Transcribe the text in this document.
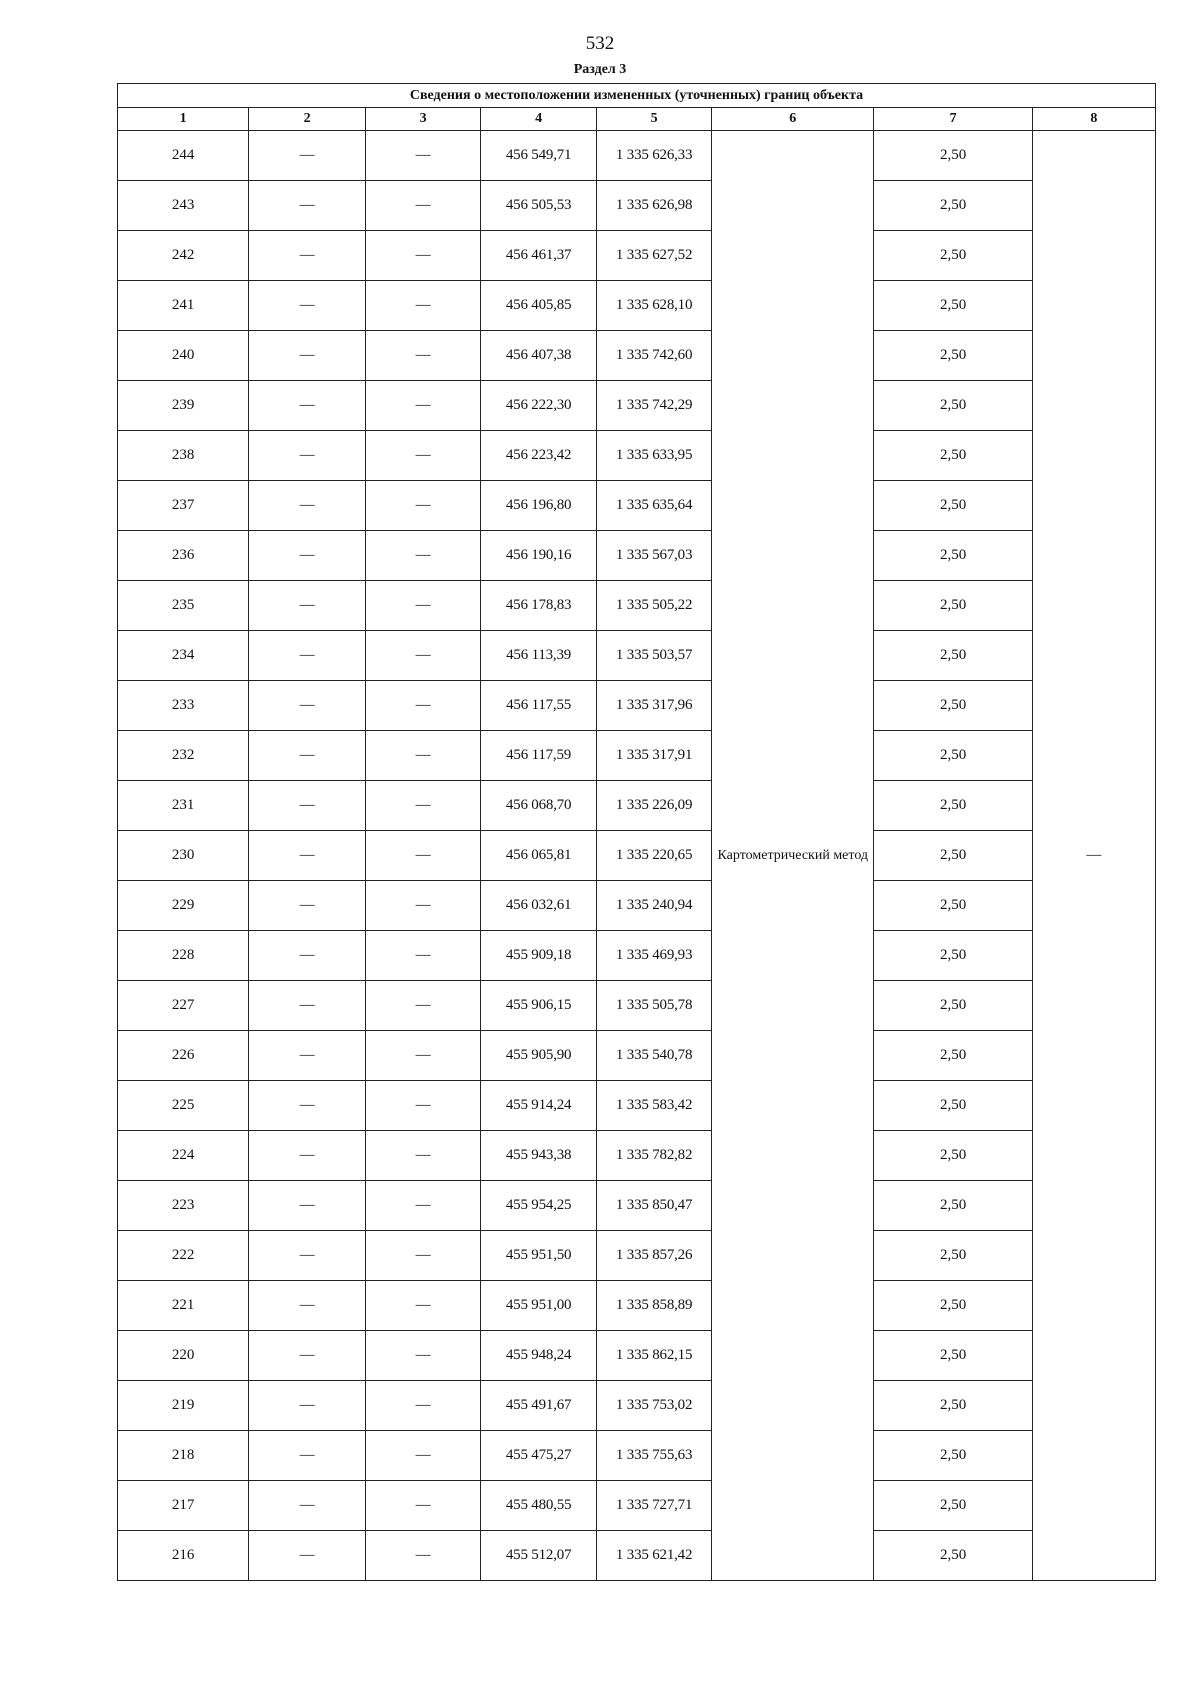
532
Раздел 3
Сведения о местоположении измененных (уточненных) границ объекта							
1	2	3	4	5	6	7	8
244	—	—	456 549,71	1 335 626,33	Картометрический метод	2,50	—
243	—	—	456 505,53	1 335 626,98		2,50	
242	—	—	456 461,37	1 335 627,52		2,50	
241	—	—	456 405,85	1 335 628,10		2,50	
240	—	—	456 407,38	1 335 742,60		2,50	
239	—	—	456 222,30	1 335 742,29		2,50	
238	—	—	456 223,42	1 335 633,95		2,50	
237	—	—	456 196,80	1 335 635,64		2,50	
236	—	—	456 190,16	1 335 567,03		2,50	
235	—	—	456 178,83	1 335 505,22		2,50	
234	—	—	456 113,39	1 335 503,57		2,50	
233	—	—	456 117,55	1 335 317,96		2,50	
232	—	—	456 117,59	1 335 317,91		2,50	
231	—	—	456 068,70	1 335 226,09		2,50	
230	—	—	456 065,81	1 335 220,65		2,50	
229	—	—	456 032,61	1 335 240,94		2,50	
228	—	—	455 909,18	1 335 469,93		2,50	
227	—	—	455 906,15	1 335 505,78		2,50	
226	—	—	455 905,90	1 335 540,78		2,50	
225	—	—	455 914,24	1 335 583,42		2,50	
224	—	—	455 943,38	1 335 782,82		2,50	
223	—	—	455 954,25	1 335 850,47		2,50	
222	—	—	455 951,50	1 335 857,26		2,50	
221	—	—	455 951,00	1 335 858,89		2,50	
220	—	—	455 948,24	1 335 862,15		2,50	
219	—	—	455 491,67	1 335 753,02		2,50	
218	—	—	455 475,27	1 335 755,63		2,50	
217	—	—	455 480,55	1 335 727,71		2,50	
216	—	—	455 512,07	1 335 621,42		2,50	
